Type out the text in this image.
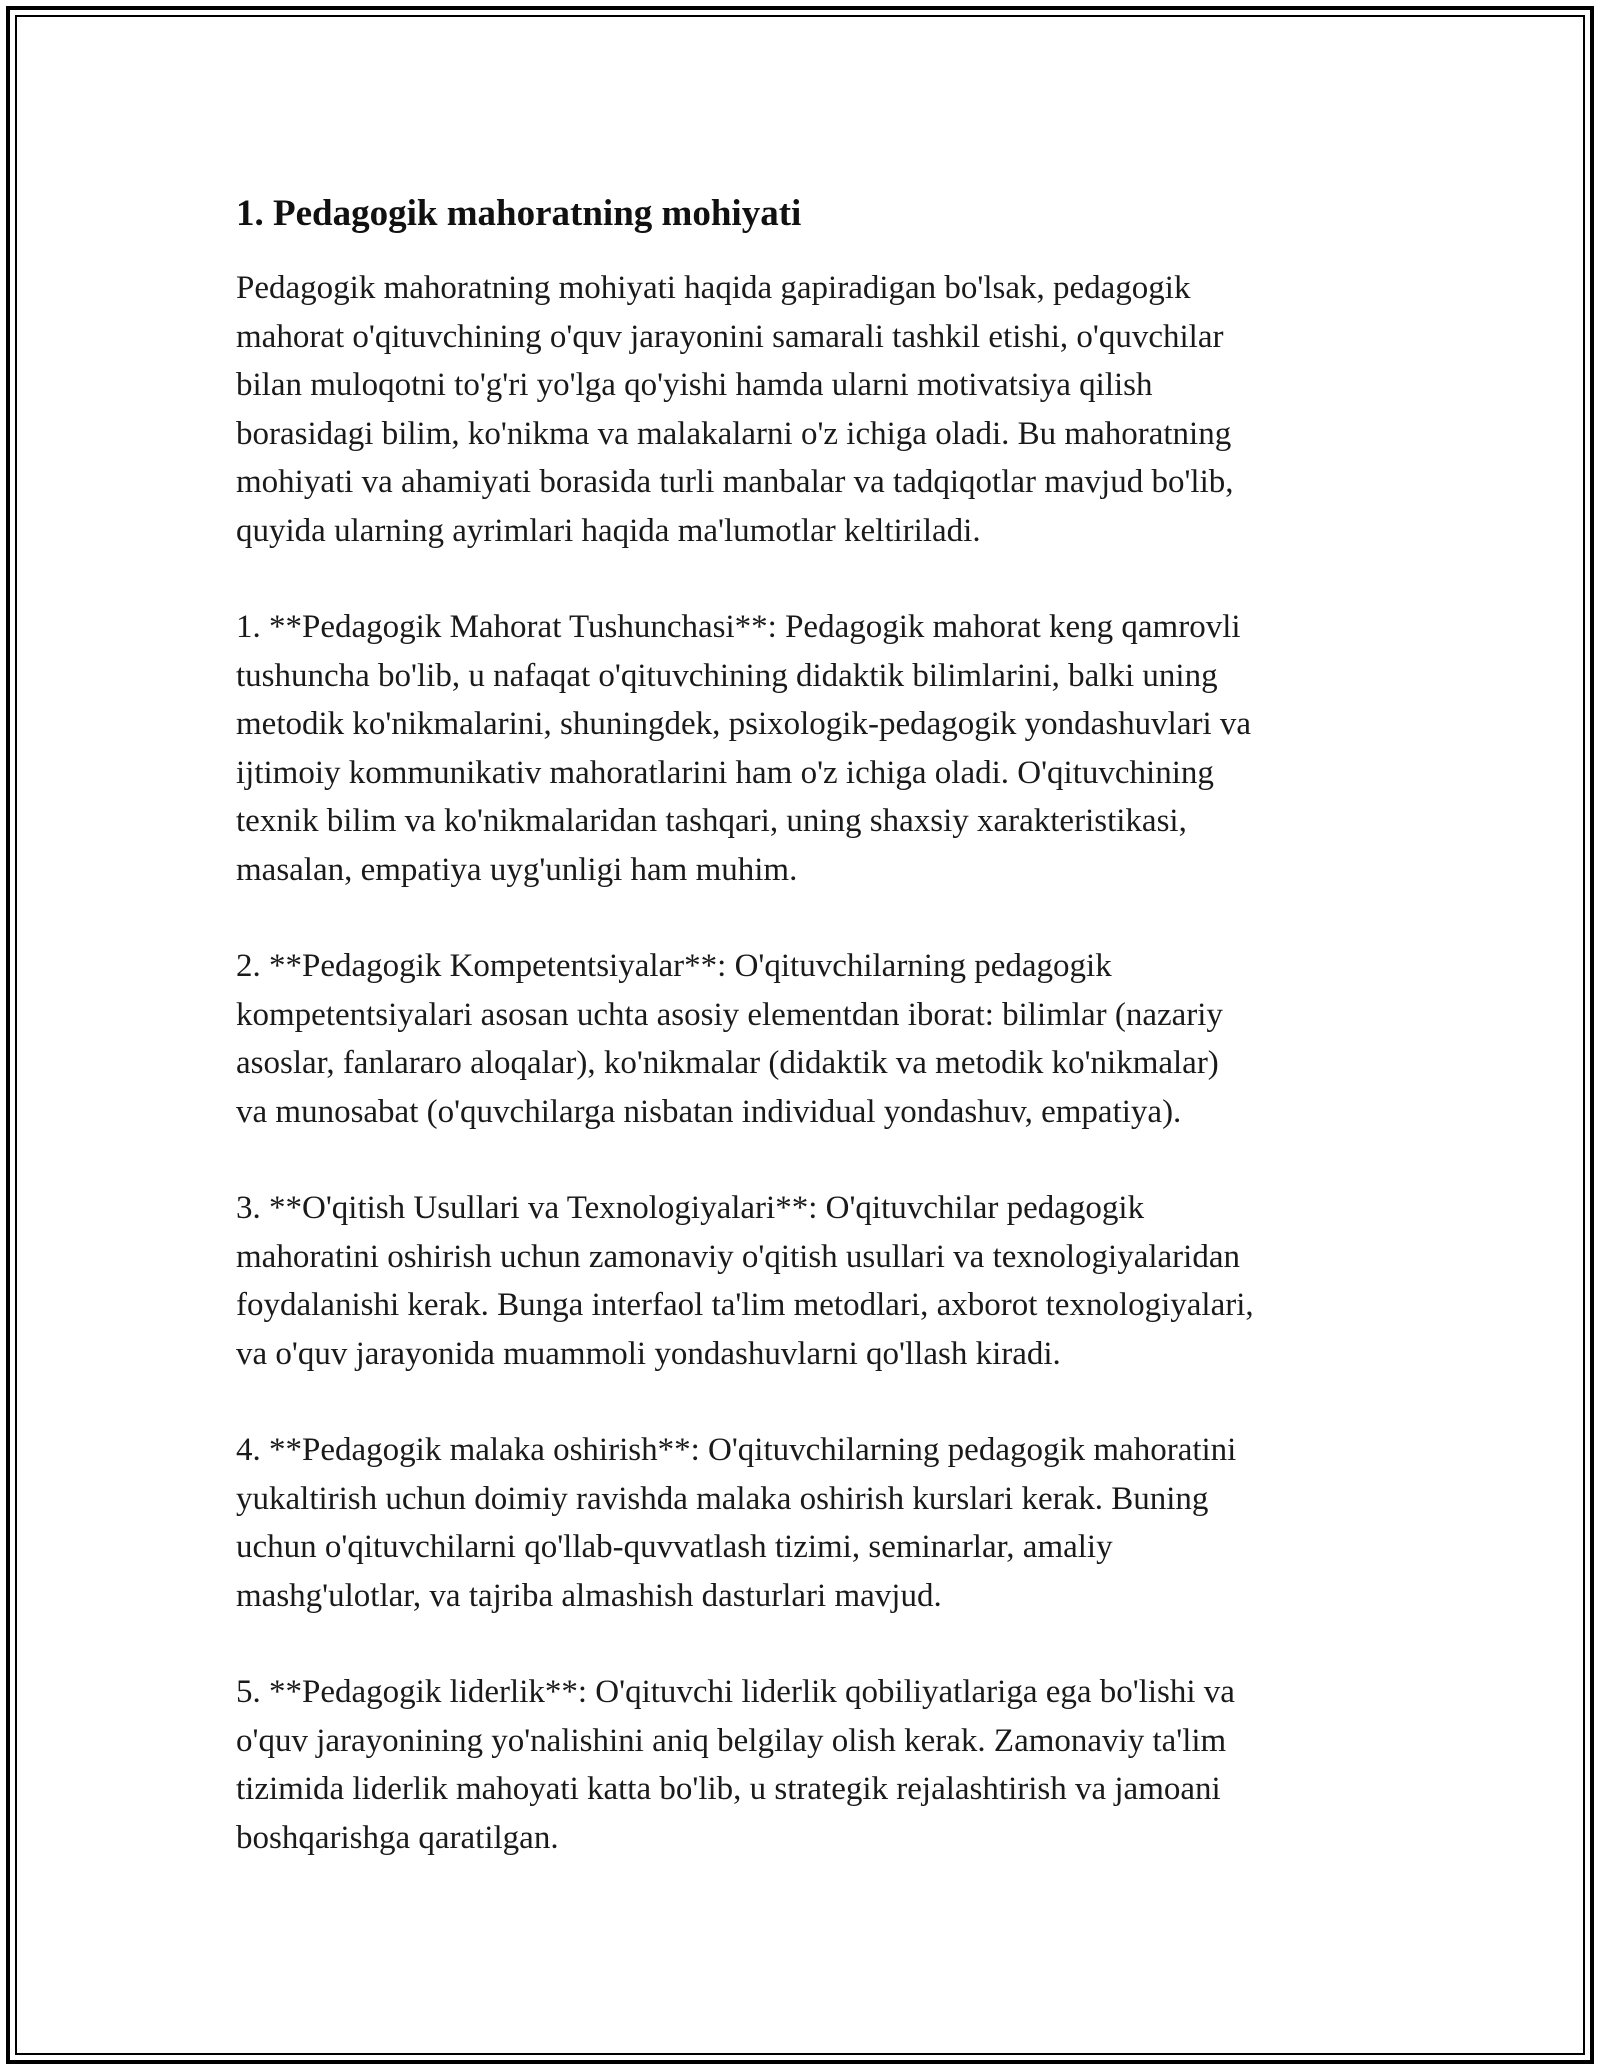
1. Pedagogik mahoratning mohiyati

Pedagogik mahoratning mohiyati haqida gapiradigan bo'lsak, pedagogik
mahorat o'qituvchining o'quv jarayonini samarali tashkil etishi, o'quvchilar
bilan muloqotni to'g'ri yo'lga qo'yishi hamda ularni motivatsiya qilish
borasidagi bilim, ko'nikma va malakalarni o'z ichiga oladi. Bu mahoratning
mohiyati va ahamiyati borasida turli manbalar va tadqiqotlar mavjud bo'lib,
quyida ularning ayrimlari haqida ma'lumotlar keltiriladi.

1. **Pedagogik Mahorat Tushunchasi**: Pedagogik mahorat keng qamrovli
tushuncha bo'lib, u nafaqat o'qituvchining didaktik bilimlarini, balki uning
metodik ko'nikmalarini, shuningdek, psixologik-pedagogik yondashuvlari va
ijtimoiy kommunikativ mahoratlarini ham o'z ichiga oladi. O'qituvchining
texnik bilim va ko'nikmalaridan tashqari, uning shaxsiy xarakteristikasi,
masalan, empatiya uyg'unligi ham muhim.

2. **Pedagogik Kompetentsiyalar**: O'qituvchilarning pedagogik
kompetentsiyalari asosan uchta asosiy elementdan iborat: bilimlar (nazariy
asoslar, fanlararo aloqalar), ko'nikmalar (didaktik va metodik ko'nikmalar)
va munosabat (o'quvchilarga nisbatan individual yondashuv, empatiya).

3. **O'qitish Usullari va Texnologiyalari**: O'qituvchilar pedagogik
mahoratini oshirish uchun zamonaviy o'qitish usullari va texnologiyalaridan
foydalanishi kerak. Bunga interfaol ta'lim metodlari, axborot texnologiyalari,
va o'quv jarayonida muammoli yondashuvlarni qo'llash kiradi.

4. **Pedagogik malaka oshirish**: O'qituvchilarning pedagogik mahoratini
yukaltirish uchun doimiy ravishda malaka oshirish kurslari kerak. Buning
uchun o'qituvchilarni qo'llab-quvvatlash tizimi, seminarlar, amaliy
mashg'ulotlar, va tajriba almashish dasturlari mavjud.

5. **Pedagogik liderlik**: O'qituvchi liderlik qobiliyatlariga ega bo'lishi va
o'quv jarayonining yo'nalishini aniq belgilay olish kerak. Zamonaviy ta'lim
tizimida liderlik mahoyati katta bo'lib, u strategik rejalashtirish va jamoani
boshqarishga qaratilgan.
